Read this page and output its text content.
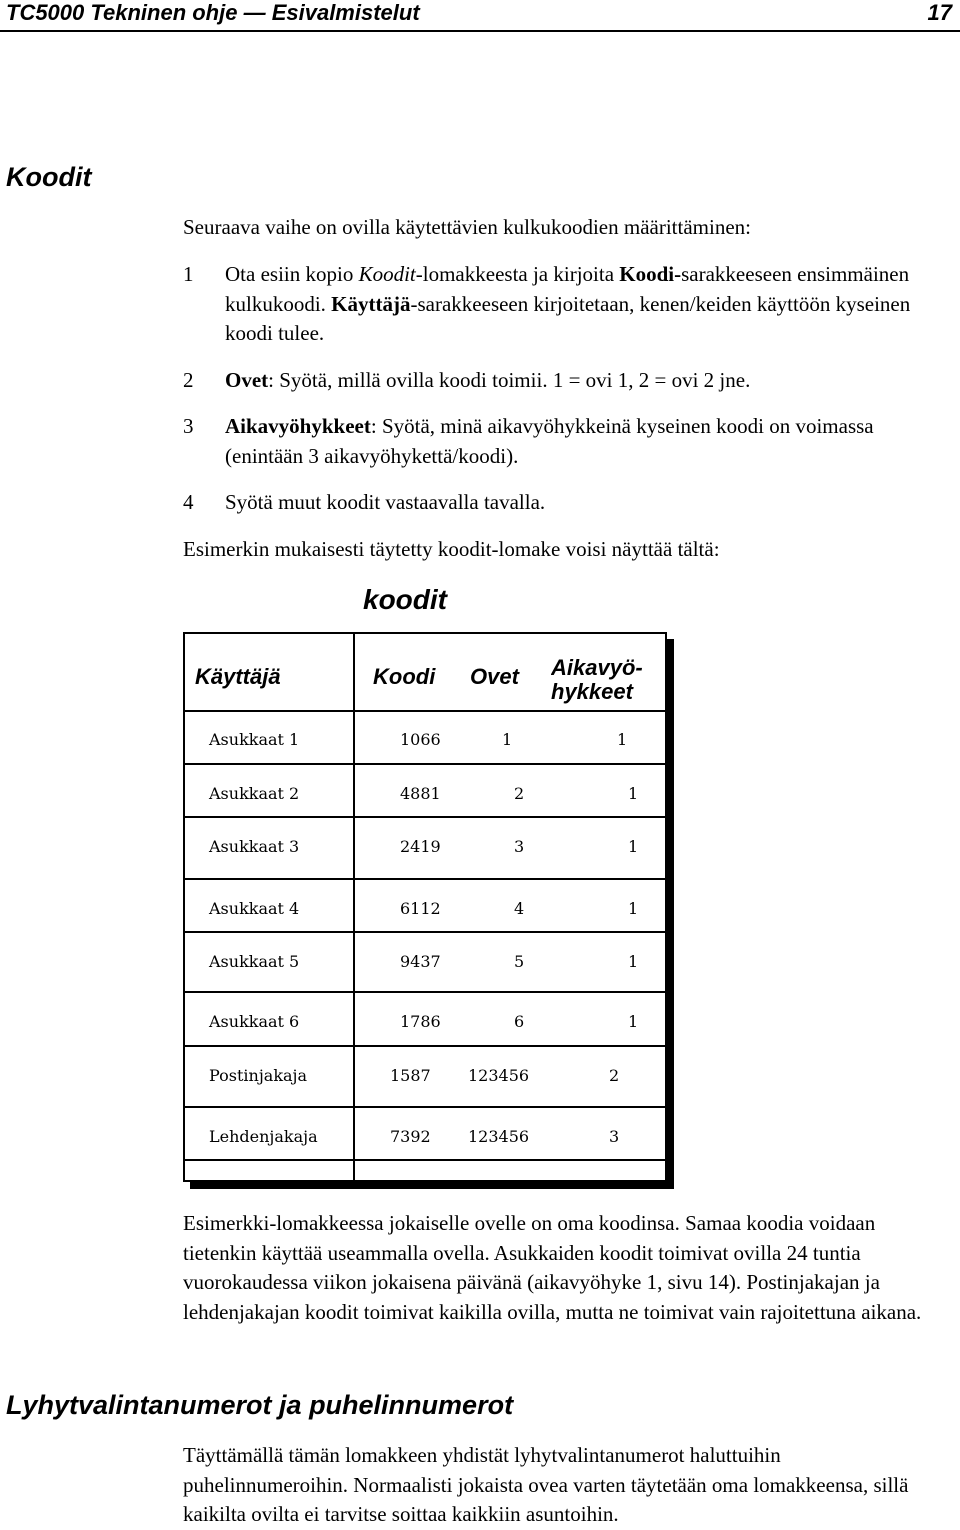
TC5000 Tekninen ohje — Esivalmistelut	17
Koodit
Seuraava vaihe on ovilla käytettävien kulkukoodien määrittäminen:
1 Ota esiin kopio Koodit-lomakkeesta ja kirjoita Koodi-sarakkeeseen ensimmäinen kulkukoodi. Käyttäjä-sarakkeeseen kirjoitetaan, kenen/keiden käyttöön kyseinen koodi tulee.
2 Ovet: Syötä, millä ovilla koodi toimii. 1 = ovi 1, 2 = ovi 2 jne.
3 Aikavyöhykkeet: Syötä, minä aikavyöhykkeinä kyseinen koodi on voimassa (enintään 3 aikavyöhykettä/koodi).
4 Syötä muut koodit vastaavalla tavalla.
Esimerkin mukaisesti täytetty koodit-lomake voisi näyttää tältä:
koodit
Käyttäjä	Koodi Ovet Aikavyö-hykkeet
Asukkaat 1	1066	1	1
Asukkaat 2	4881	2	1
Asukkaat 3	2419	3	1
Asukkaat 4	6112	4	1
Asukkaat 5	9437	5	1
Asukkaat 6	1786	6	1
Postinjakaja	1587 123456	2
Lehdenjakaja	7392 123456	3
Esimerkki-lomakkeessa jokaiselle ovelle on oma koodinsa. Samaa koodia voidaan tietenkin käyttää useammalla ovella. Asukkaiden koodit toimivat ovilla 24 tuntia vuorokaudessa viikon jokaisena päivänä (aikavyöhyke 1, sivu 14). Postinjakajan ja lehdenjakajan koodit toimivat kaikilla ovilla, mutta ne toimivat vain rajoitettuna aikana.
Lyhytvalintanumerot ja puhelinnumerot
Täyttämällä tämän lomakkeen yhdistät lyhytvalintanumerot haluttuihin puhelinnumeroihin. Normaalisti jokaista ovea varten täytetään oma lomakkeensa, sillä kaikilta ovilta ei tarvitse soittaa kaikkiin asuntoihin.
